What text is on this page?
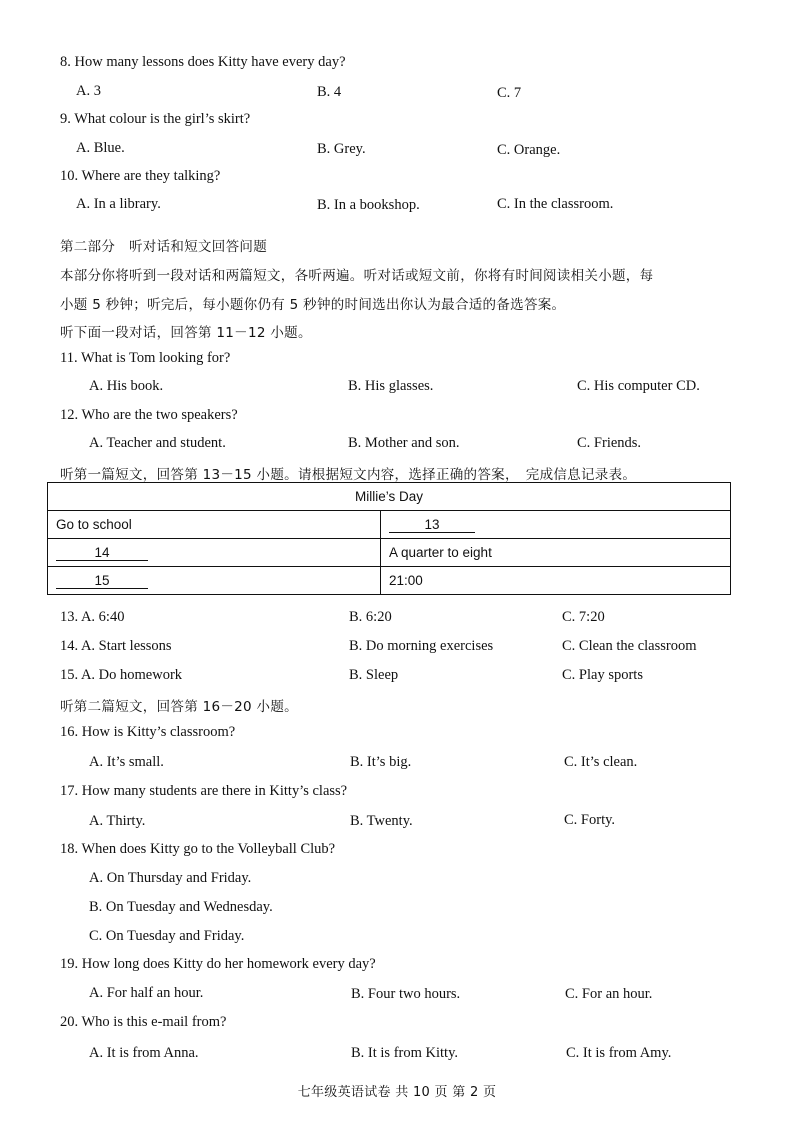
8. How many lessons does Kitty have every day?
A. 3	B. 4	C. 7
9. What colour is the girl’s skirt?
A. Blue.	B. Grey.	C. Orange.
10. Where are they talking?
A. In a library.	B. In a bookshop.	C. In the classroom.
第二部分　听对话和短文回答问题
本部分你将听到一段对话和两篇短文，各听两遍。听对话或短文前，你将有时间阅读相关小题，每
小题 5 秒钟；听完后，每小题你仍有 5 秒钟的时间选出你认为最合适的备选答案。
听下面一段对话，回答第 11－12 小题。
11. What is Tom looking for?
A. His book.	B. His glasses.	C. His computer CD.
12. Who are the two speakers?
A. Teacher and student.	B. Mother and son.	C. Friends.
听第一篇短文，回答第 13－15 小题。请根据短文内容，选择正确的答案，　完成信息记录表。
Millie’s Day	
Go to school	13
14	A quarter to eight
15	21:00
13. A. 6:40	B. 6:20	C. 7:20
14. A. Start lessons	B. Do morning exercises	C. Clean the classroom
15. A. Do homework	B. Sleep	C. Play sports
听第二篇短文，回答第 16－20 小题。
16. How is Kitty’s classroom?
A. It’s small.	B. It’s big.	C. It’s clean.
17. How many students are there in Kitty’s class?
A. Thirty.	B. Twenty.	C. Forty.
18. When does Kitty go to the Volleyball Club?
A. On Thursday and Friday.
B. On Tuesday and Wednesday.
C. On Tuesday and Friday.
19. How long does Kitty do her homework every day?
A. For half an hour.	B. Four two hours.	C. For an hour.
20. Who is this e-mail from?
A. It is from Anna.	B. It is from Kitty.	C. It is from Amy.
七年级英语试卷 共 10 页 第 2 页
